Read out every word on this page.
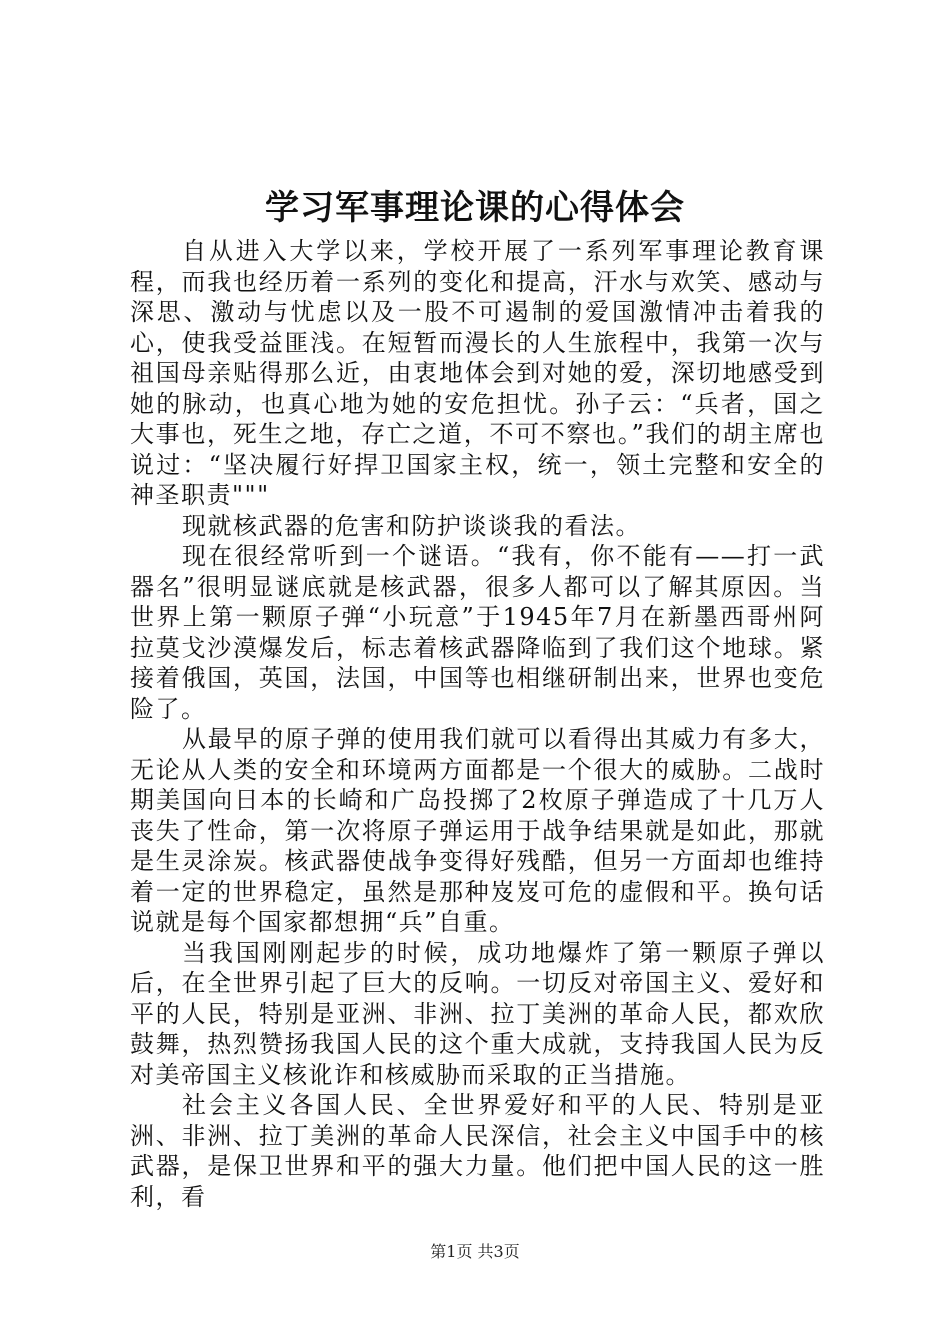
学习军事理论课的心得体会

自从进入大学以来，学校开展了一系列军事理论教育课程，而我也经历着一系列的变化和提高，汗水与欢笑、感动与深思、激动与忧虑以及一股不可遏制的爱国激情冲击着我的心，使我受益匪浅。在短暂而漫长的人生旅程中，我第一次与祖国母亲贴得那么近，由衷地体会到对她的爱，深切地感受到她的脉动，也真心地为她的安危担忧。孙子云：“兵者，国之大事也，死生之地，存亡之道，不可不察也。”我们的胡主席也说过：“坚决履行好捍卫国家主权，统一，领土完整和安全的神圣职责"""

现就核武器的危害和防护谈谈我的看法。

现在很经常听到一个谜语。“我有，你不能有——打一武器名”很明显谜底就是核武器，很多人都可以了解其原因。当世界上第一颗原子弹“小玩意”于1945年7月在新墨西哥州阿拉莫戈沙漠爆发后，标志着核武器降临到了我们这个地球。紧接着俄国，英国，法国，中国等也相继研制出来，世界也变危险了。

从最早的原子弹的使用我们就可以看得出其威力有多大，无论从人类的安全和环境两方面都是一个很大的威胁。二战时期美国向日本的长崎和广岛投掷了2枚原子弹造成了十几万人丧失了性命，第一次将原子弹运用于战争结果就是如此，那就是生灵涂炭。核武器使战争变得好残酷，但另一方面却也维持着一定的世界稳定，虽然是那种岌岌可危的虚假和平。换句话说就是每个国家都想拥“兵”自重。

当我国刚刚起步的时候，成功地爆炸了第一颗原子弹以后，在全世界引起了巨大的反响。一切反对帝国主义、爱好和平的人民，特别是亚洲、非洲、拉丁美洲的革命人民，都欢欣鼓舞，热烈赞扬我国人民的这个重大成就，支持我国人民为反对美帝国主义核讹诈和核威胁而采取的正当措施。

社会主义各国人民、全世界爱好和平的人民、特别是亚洲、非洲、拉丁美洲的革命人民深信，社会主义中国手中的核武器，是保卫世界和平的强大力量。他们把中国人民的这一胜利，看

第1页 共3页
